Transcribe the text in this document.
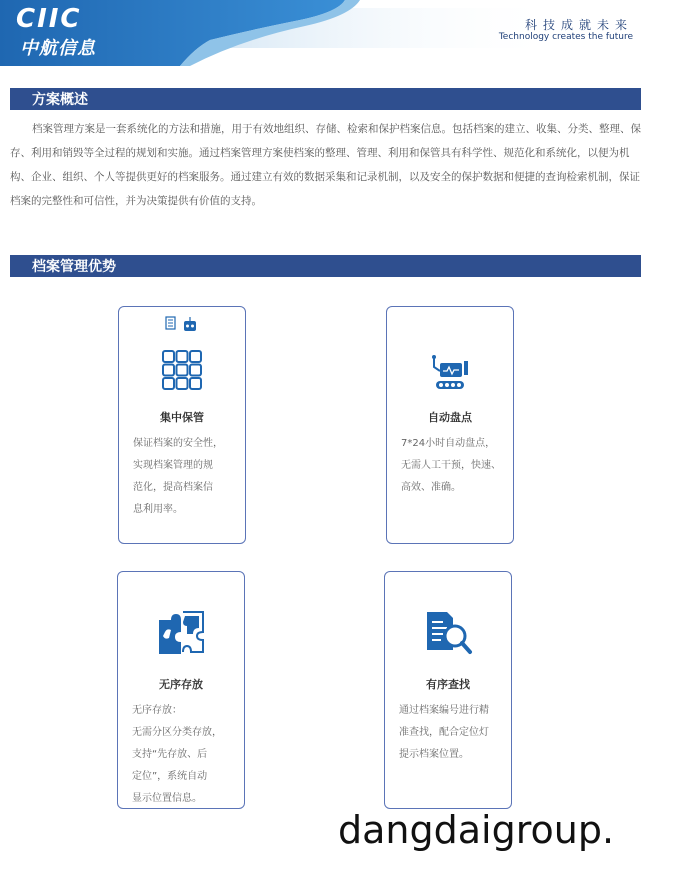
CIIC
中航信息
科技成就未来
Technology creates the future
方案概述

档案管理方案是一套系统化的方法和措施，用于有效地组织、存储、检索和保护档案信息。包括档案的建立、收集、分类、整理、保存、利用和销毁等全过程的规划和实施。通过档案管理方案使档案的整理、管理、利用和保管具有科学性、规范化和系统化，以便为机构、企业、组织、个人等提供更好的档案服务。通过建立有效的数据采集和记录机制，以及安全的保护数据和便捷的查询检索机制，保证档案的完整性和可信性，并为决策提供有价值的支持。

档案管理优势
集中保管
保证档案的安全性，
实现档案管理的规
范化，提高档案信
息利用率。
自动盘点
7*24小时自动盘点，
无需人工干预，快速、
高效、准确。
无序存放
无序存放：
无需分区分类存放，
支持“先存放、后
定位”，系统自动
显示位置信息。
有序查找
通过档案编号进行精
准查找，配合定位灯
提示档案位置。
dangdaigroup.
